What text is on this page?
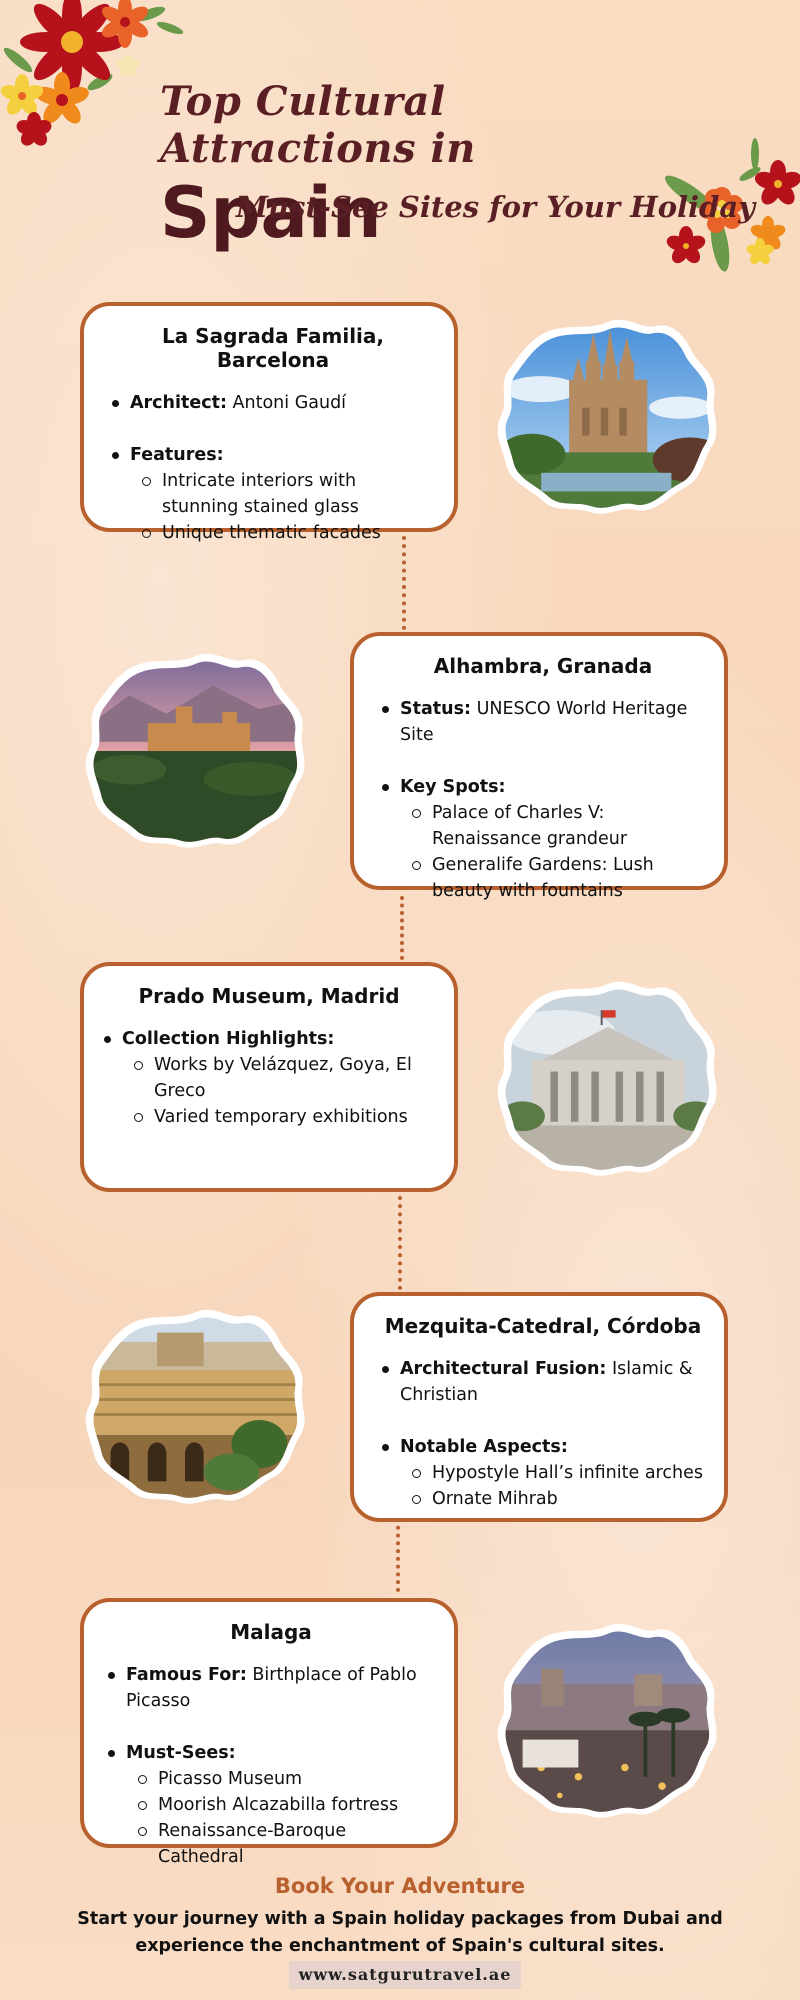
Top Cultural Attractions in
Spain
Must-See Sites for Your Holiday
La Sagrada Familia, Barcelona
Architect: Antoni Gaudí
Features:
Intricate interiors with stunning stained glass
Unique thematic facades
Alhambra, Granada
Status: UNESCO World Heritage Site
Key Spots:
Palace of Charles V: Renaissance grandeur
Generalife Gardens: Lush beauty with fountains
Prado Museum, Madrid
Collection Highlights:
Works by Velázquez, Goya, El Greco
Varied temporary exhibitions
Mezquita-Catedral, Córdoba
Architectural Fusion: Islamic & Christian
Notable Aspects:
Hypostyle Hall’s infinite arches
Ornate Mihrab
Malaga
Famous For: Birthplace of Pablo Picasso
Must-Sees:
Picasso Museum
Moorish Alcazabilla fortress
Renaissance-Baroque Cathedral
Book Your Adventure
Start your journey with a Spain holiday packages from Dubai and experience the enchantment of Spain's cultural sites.
www.satgurutravel.ae
